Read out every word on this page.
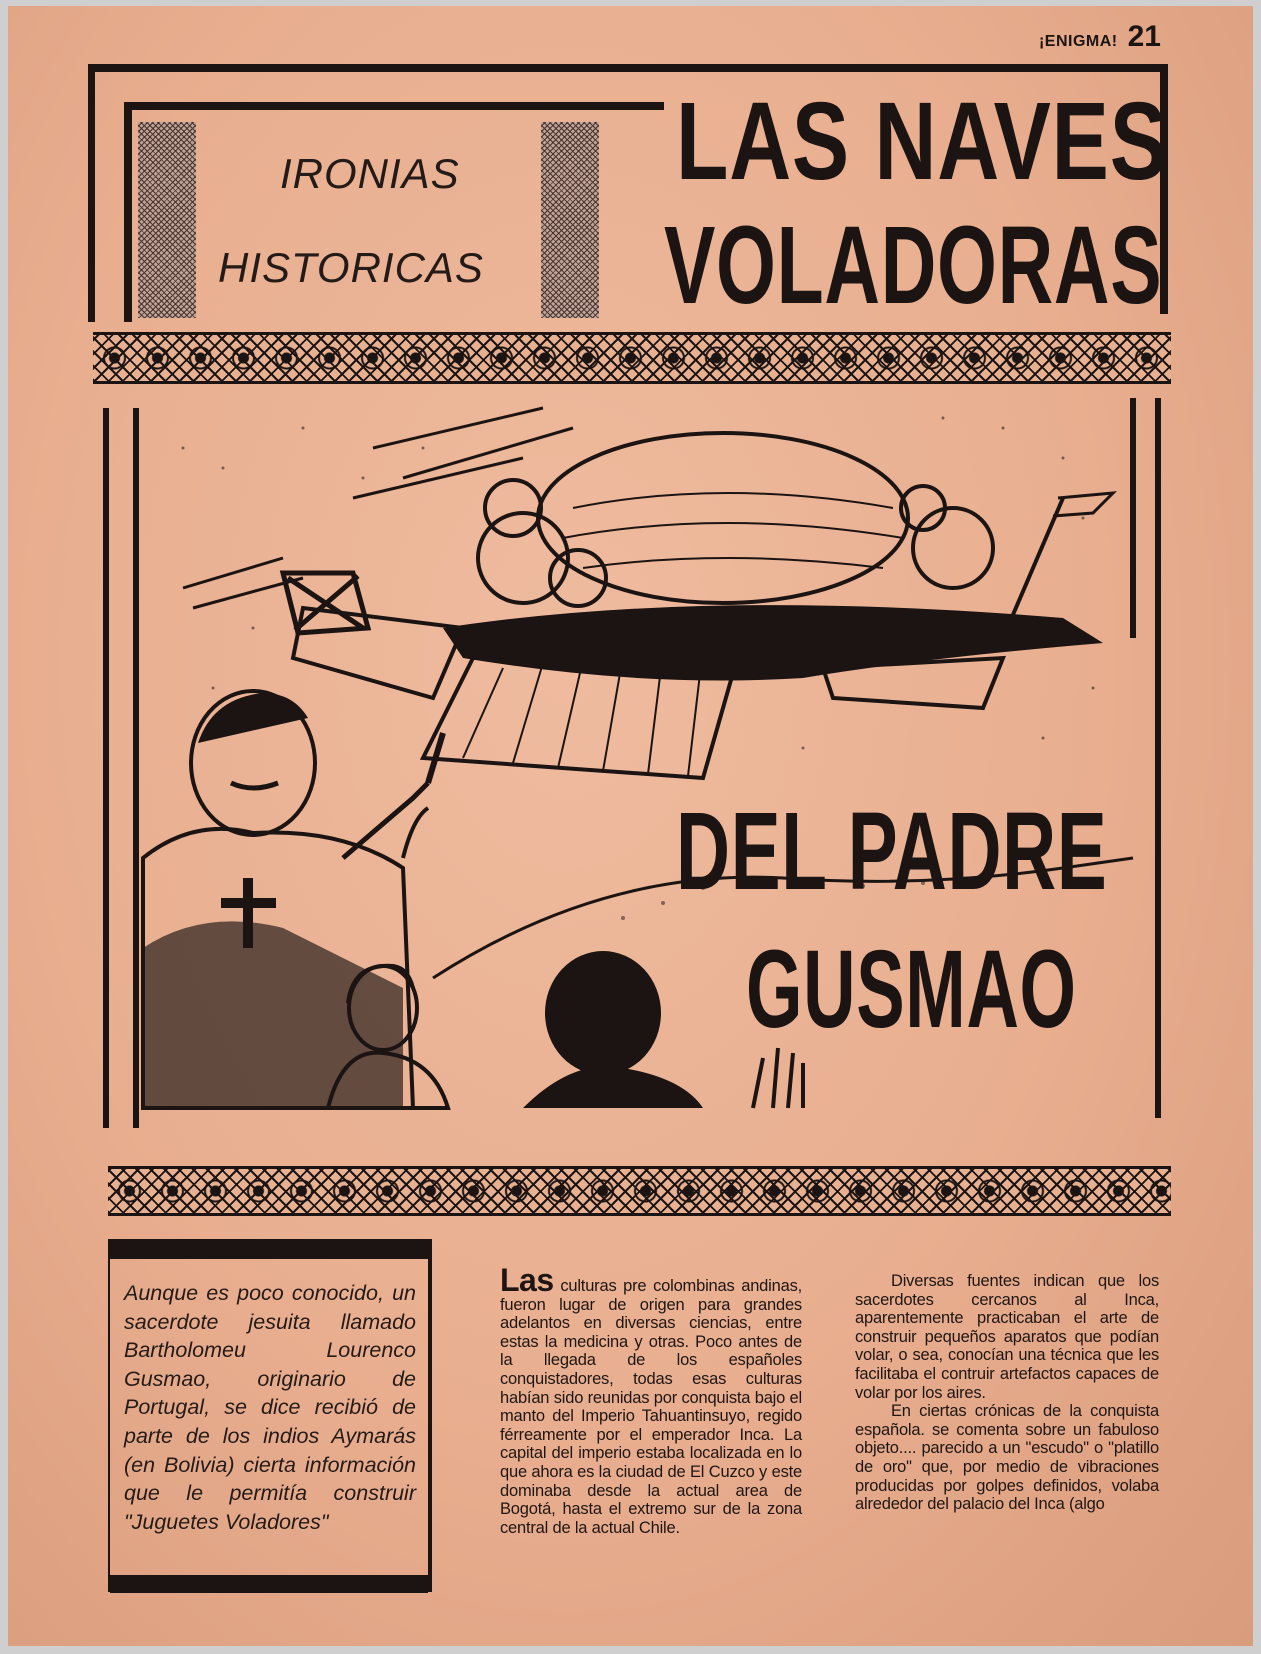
¡ENIGMA! 21
IRONIAS
HISTORICAS
LAS NAVES
VOLADORAS
DEL PADRE
GUSMAO
Aunque es poco conocido, un sacerdote jesuita llamado Bartholomeu Lourenco Gusmao, originario de Portugal, se dice recibió de parte de los indios Aymarás (en Bolivia) cierta información que le permitía construir "Juguetes Voladores"

Las culturas pre colombinas andinas, fueron lugar de origen para grandes adelantos en diversas ciencias, entre estas la medicina y otras. Poco antes de la llegada de los españoles conquistadores, todas esas culturas habían sido reunidas por conquista bajo el manto del Imperio Tahuantinsuyo, regido férreamente por el emperador Inca. La capital del imperio estaba localizada en lo que ahora es la ciudad de El Cuzco y este dominaba desde la actual area de Bogotá, hasta el extremo sur de la zona central de la actual Chile.

Diversas fuentes indican que los sacerdotes cercanos al Inca, aparentemente practicaban el arte de construir pequeños aparatos que podían volar, o sea, conocían una técnica que les facilitaba el contruir artefactos capaces de volar por los aires.

En ciertas crónicas de la conquista española. se comenta sobre un fabuloso objeto.... parecido a un "escudo" o "platillo de oro" que, por medio de vibraciones producidas por golpes definidos, volaba alrededor del palacio del Inca (algo
